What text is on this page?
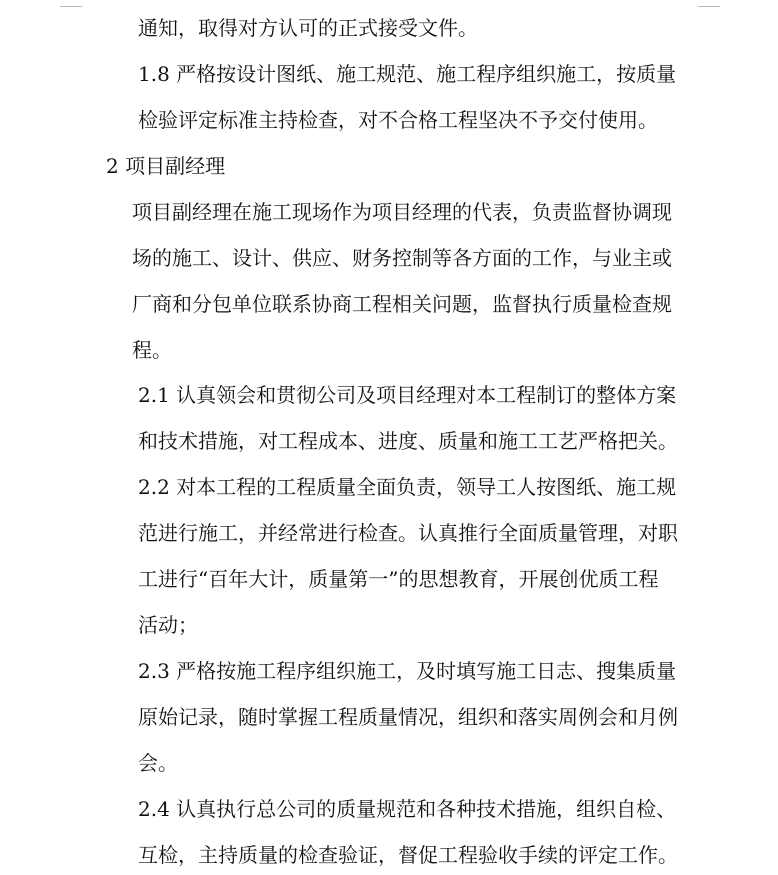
通知，取得对方认可的正式接受文件。
1.8 严格按设计图纸、施工规范、施工程序组织施工，按质量
检验评定标准主持检查，对不合格工程坚决不予交付使用。
2 项目副经理
项目副经理在施工现场作为项目经理的代表，负责监督协调现
场的施工、设计、供应、财务控制等各方面的工作，与业主或
厂商和分包单位联系协商工程相关问题，监督执行质量检查规
程。
2.1 认真领会和贯彻公司及项目经理对本工程制订的整体方案
和技术措施，对工程成本、进度、质量和施工工艺严格把关。
2.2 对本工程的工程质量全面负责，领导工人按图纸、施工规
范进行施工，并经常进行检查。认真推行全面质量管理，对职
工进行“百年大计，质量第一”的思想教育，开展创优质工程
活动；
2.3 严格按施工程序组织施工，及时填写施工日志、搜集质量
原始记录，随时掌握工程质量情况，组织和落实周例会和月例
会。
2.4 认真执行总公司的质量规范和各种技术措施，组织自检、
互检，主持质量的检查验证，督促工程验收手续的评定工作。
